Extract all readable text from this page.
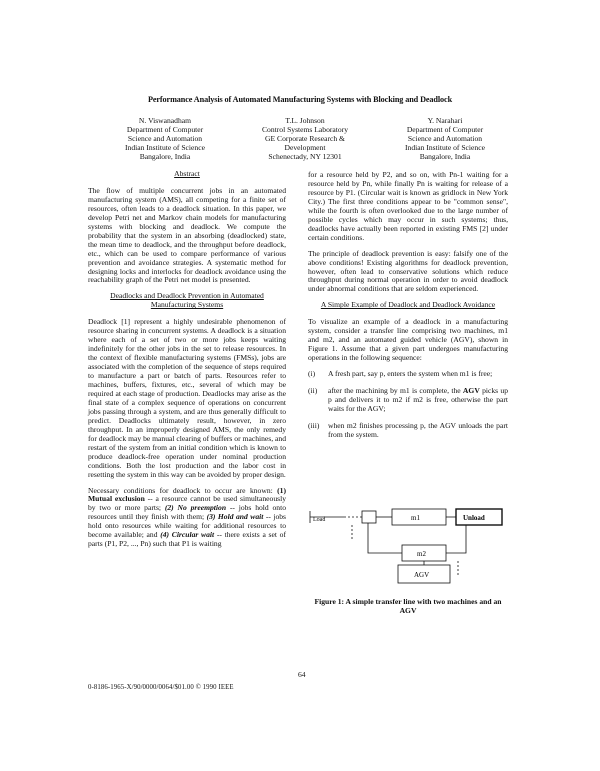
Performance Analysis of Automated Manufacturing Systems with Blocking and Deadlock
N. Viswanadham
Department of Computer
Science and Automation
Indian Institute of Science
Bangalore, India
T.L. Johnson
Control Systems Laboratory
GE Corporate Research &
Development
Schenectady, NY 12301
Y. Narahari
Department of Computer
Science and Automation
Indian Institute of Science
Bangalore, India

Abstract

The flow of multiple concurrent jobs in an automated manufacturing system (AMS), all competing for a finite set of resources, often leads to a deadlock situation. In this paper, we develop Petri net and Markov chain models for manufacturing systems with blocking and deadlock. We compute the probability that the system in an absorbing (deadlocked) state, the mean time to deadlock, and the throughput before deadlock, etc., which can be used to compare performance of various prevention and avoidance strategies. A systematic method for designing locks and interlocks for deadlock avoidance using the reachability graph of the Petri net model is presented.

Deadlocks and Deadlock Prevention in Automated Manufacturing Systems

Deadlock [1] represent a highly undesirable phenomenon of resource sharing in concurrent systems. A deadlock is a situation where each of a set of two or more jobs keeps waiting indefinitely for the other jobs in the set to release resources. In the context of flexible manufacturing systems (FMSs), jobs are associated with the completion of the sequence of steps required to manufacture a part or batch of parts. Resources refer to machines, buffers, fixtures, etc., several of which may be required at each stage of production. Deadlocks may arise as the final state of a complex sequence of operations on concurrent jobs passing through a system, and are thus generally difficult to predict. Deadlocks ultimately result, however, in zero throughput. In an improperly designed AMS, the only remedy for deadlock may be manual clearing of buffers or machines, and restart of the system from an initial condition which is known to produce deadlock-free operation under nominal production conditions. Both the lost production and the labor cost in resetting the system in this way can be avoided by proper design.

Necessary conditions for deadlock to occur are known: (1) Mutual exclusion -- a resource cannot be used simultaneously by two or more parts; (2) No preemption -- jobs hold onto resources until they finish with them; (3) Hold and wait -- jobs hold onto resources while waiting for additional resources to become available; and (4) Circular wait -- there exists a set of parts (P1, P2, ..., Pn) such that P1 is waiting

for a resource held by P2, and so on, with Pn-1 waiting for a resource held by Pn, while finally Pn is waiting for release of a resource by P1. (Circular wait is known as gridlock in New York City.) The first three conditions appear to be "common sense", while the fourth is often overlooked due to the large number of possible cycles which may occur in such systems; thus, deadlocks have actually been reported in existing FMS [2] under certain conditions.

The principle of deadlock prevention is easy: falsify one of the above conditions! Existing algorithms for deadlock prevention, however, often lead to conservative solutions which reduce throughput during normal operation in order to avoid deadlock under abnormal conditions that are seldom experienced.

A Simple Example of Deadlock and Deadlock Avoidance

To visualize an example of a deadlock in a manufacturing system, consider a transfer line comprising two machines, m1 and m2, and an automated guided vehicle (AGV), shown in Figure 1. Assume that a given part undergoes manufacturing operations in the following sequence:

(i) A fresh part, say p, enters the system when m1 is free;

(ii) after the machining by m1 is complete, the AGV picks up p and delivers it to m2 if m2 is free, otherwise the part waits for the AGV;

(iii) when m2 finishes processing p, the AGV unloads the part from the system.

Load	m1	Unload
m2
AGV
Figure 1: A simple transfer line with two machines and an AGV
64
0-8186-1965-X/90/0000/0064/$01.00 © 1990 IEEE
